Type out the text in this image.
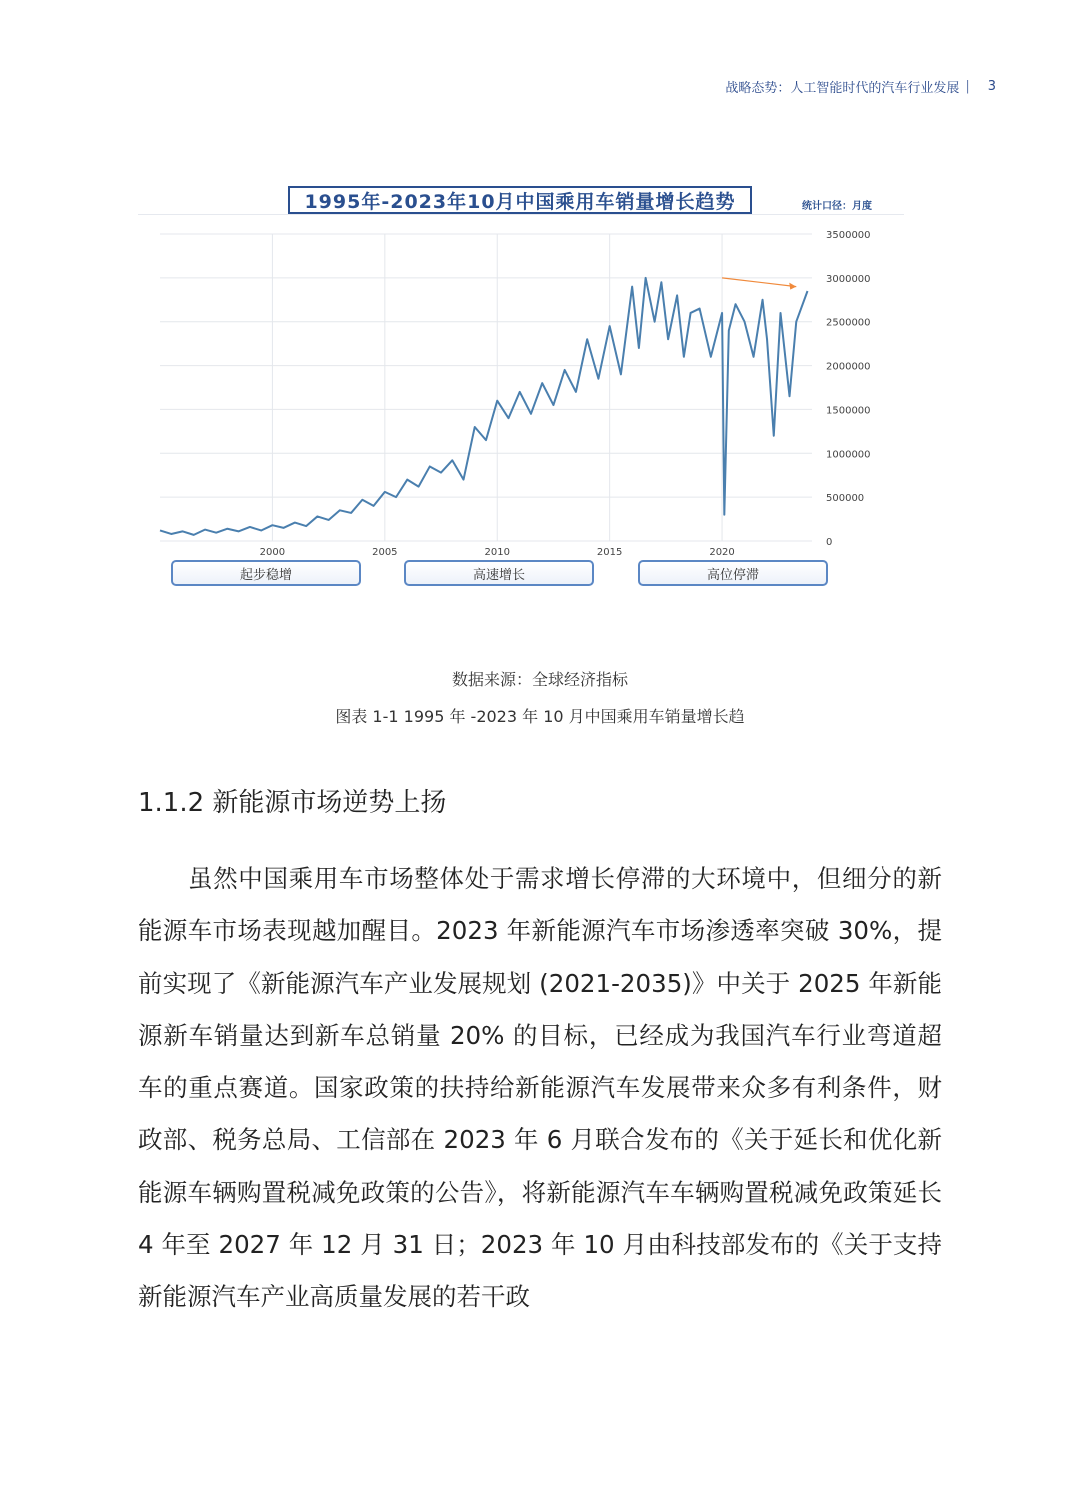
战略态势：人工智能时代的汽车行业发展 | 3
1995年-2023年10月中国乘用车销量增长趋势	统计口径：月度
3500000
3000000
2500000
2000000
1500000
1000000
500000
0
2000	2005	2010	2015	2020
起步稳增	高速增长	高位停滞
数据来源：全球经济指标
图表 1-1 1995 年 -2023 年 10 月中国乘用车销量增长趋
1.1.2 新能源市场逆势上扬

虽然中国乘用车市场整体处于需求增长停滞的大环境中，但细分的新能源车市场表现越加醒目。2023 年新能源汽车市场渗透率突破 30%，提前实现了《新能源汽车产业发展规划 (2021-2035)》中关于 2025 年新能源新车销量达到新车总销量 20% 的目标，已经成为我国汽车行业弯道超车的重点赛道。国家政策的扶持给新能源汽车发展带来众多有利条件，财政部、税务总局、工信部在 2023 年 6 月联合发布的《关于延长和优化新能源车辆购置税减免政策的公告》，将新能源汽车车辆购置税减免政策延长 4 年至 2027 年 12 月 31 日；2023 年 10 月由科技部发布的《关于支持新能源汽车产业高质量发展的若干政
